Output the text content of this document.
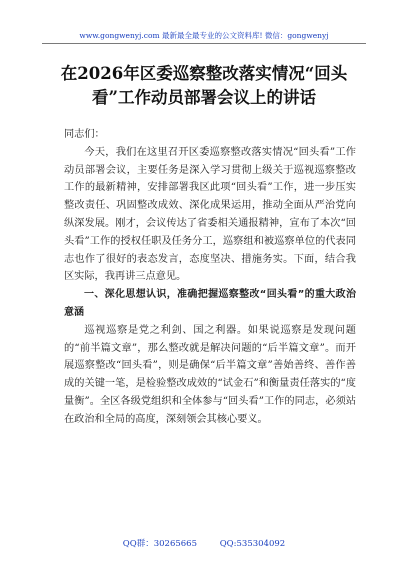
www.gongwenyj.com 最新最全最专业的公文资料库! 微信：gongwenyj
在2026年区委巡察整改落实情况“回头
看”工作动员部署会议上的讲话

同志们：

今天，我们在这里召开区委巡察整改落实情况“回头看”工作动员部署会议，主要任务是深入学习贯彻上级关于巡视巡察整改工作的最新精神，安排部署我区此项“回头看”工作，进一步压实整改责任、巩固整改成效、深化成果运用，推动全面从严治党向纵深发展。刚才，会议传达了省委相关通报精神，宣布了本次“回头看”工作的授权任职及任务分工，巡察组和被巡察单位的代表同志也作了很好的表态发言，态度坚决、措施务实。下面，结合我区实际，我再讲三点意见。

一、深化思想认识，准确把握巡察整改“回头看”的重大政治意涵

巡视巡察是党之利剑、国之利器。如果说巡察是发现问题的“前半篇文章”，那么整改就是解决问题的“后半篇文章”。而开展巡察整改“回头看”，则是确保“后半篇文章”善始善终、善作善成的关键一笔，是检验整改成效的“试金石”和衡量责任落实的“度量衡”。全区各级党组织和全体参与“回头看”工作的同志，必须站在政治和全局的高度，深刻领会其核心要义。

QQ群：30265665	QQ:535304092
